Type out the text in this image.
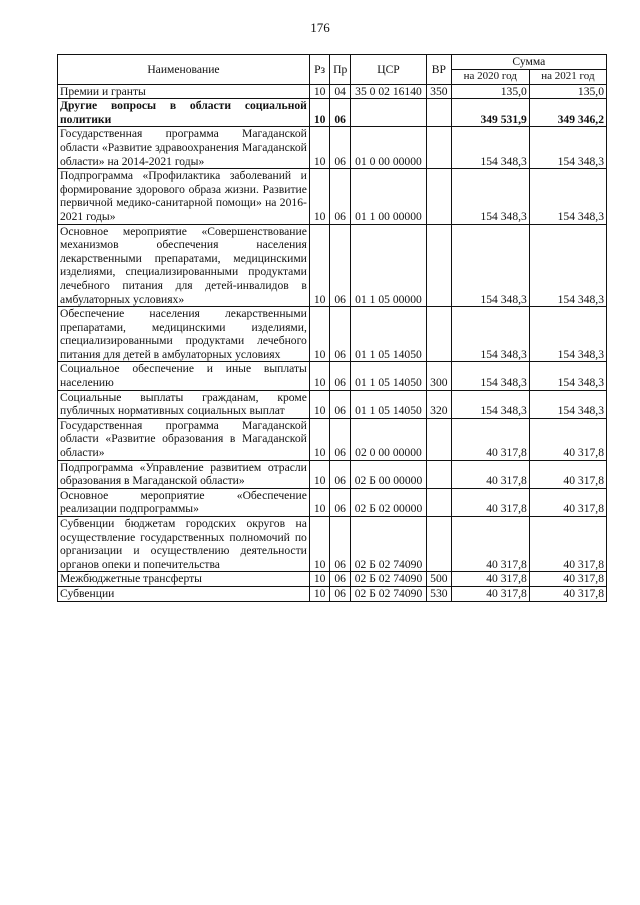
176
Наименование	Рз	Пр	ЦСР	ВР	Сумма	
					на 2020 год	на 2021 год
Премии и гранты	10	04	35 0 02 16140	350	135,0	135,0
Другие вопросы в области социальной политики	10	06			349 531,9	349 346,2
Государственная программа Магаданской области «Развитие здравоохранения Магаданской области» на 2014-2021 годы»	10	06	01 0 00 00000		154 348,3	154 348,3
Подпрограмма «Профилактика заболеваний и формирование здорового образа жизни. Развитие первичной медико-санитарной помощи» на 2016-2021 годы»	10	06	01 1 00 00000		154 348,3	154 348,3
Основное мероприятие «Совершенствование механизмов обеспечения населения лекарственными препаратами, медицинскими изделиями, специализированными продуктами лечебного питания для детей-инвалидов в амбулаторных условиях»	10	06	01 1 05 00000		154 348,3	154 348,3
Обеспечение населения лекарственными препаратами, медицинскими изделиями, специализированными продуктами лечебного питания для детей в амбулаторных условиях	10	06	01 1 05 14050		154 348,3	154 348,3
Социальное обеспечение и иные выплаты населению	10	06	01 1 05 14050	300	154 348,3	154 348,3
Социальные выплаты гражданам, кроме публичных нормативных социальных выплат	10	06	01 1 05 14050	320	154 348,3	154 348,3
Государственная программа Магаданской области «Развитие образования в Магаданской области»	10	06	02 0 00 00000		40 317,8	40 317,8
Подпрограмма «Управление развитием отрасли образования в Магаданской области»	10	06	02 Б 00 00000		40 317,8	40 317,8
Основное мероприятие «Обеспечение реализации подпрограммы»	10	06	02 Б 02 00000		40 317,8	40 317,8
Субвенции бюджетам городских округов на осуществление государственных полномочий по организации и осуществлению деятельности органов опеки и попечительства	10	06	02 Б 02 74090		40 317,8	40 317,8
Межбюджетные трансферты	10	06	02 Б 02 74090	500	40 317,8	40 317,8
Субвенции	10	06	02 Б 02 74090	530	40 317,8	40 317,8
